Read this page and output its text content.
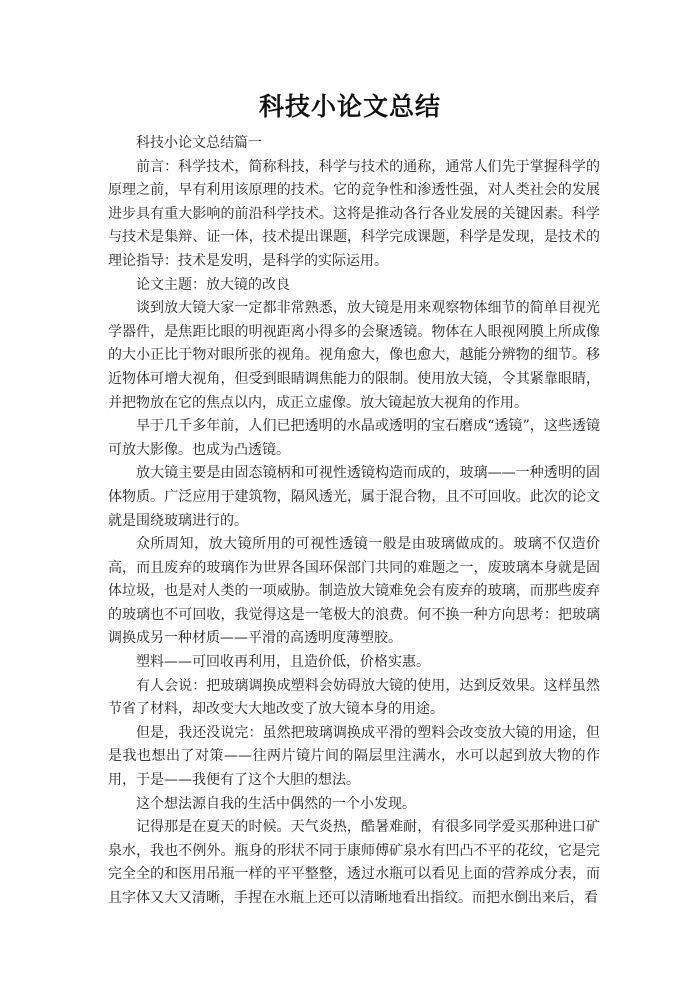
科技小论文总结

科技小论文总结篇一

前言：科学技术，简称科技，科学与技术的通称，通常人们先于掌握科学的原理之前，早有利用该原理的技术。它的竞争性和渗透性强，对人类社会的发展进步具有重大影响的前沿科学技术。这将是推动各行各业发展的关键因素。科学与技术是集辩、证一体，技术提出课题，科学完成课题，科学是发现，是技术的理论指导：技术是发明，是科学的实际运用。

论文主题：放大镜的改良

谈到放大镜大家一定都非常熟悉，放大镜是用来观察物体细节的简单目视光学器件，是焦距比眼的明视距离小得多的会聚透镜。物体在人眼视网膜上所成像的大小正比于物对眼所张的视角。视角愈大，像也愈大，越能分辨物的细节。移近物体可增大视角，但受到眼睛调焦能力的限制。使用放大镜，令其紧靠眼睛，并把物放在它的焦点以内，成正立虚像。放大镜起放大视角的作用。

早于几千多年前，人们已把透明的水晶或透明的宝石磨成“透镜”，这些透镜可放大影像。也成为凸透镜。

放大镜主要是由固态镜柄和可视性透镜构造而成的，玻璃——一种透明的固体物质。广泛应用于建筑物，隔风透光，属于混合物，且不可回收。此次的论文就是围绕玻璃进行的。

众所周知，放大镜所用的可视性透镜一般是由玻璃做成的。玻璃不仅造价高，而且废弃的玻璃作为世界各国环保部门共同的难题之一，废玻璃本身就是固体垃圾，也是对人类的一项威胁。制造放大镜难免会有废弃的玻璃，而那些废弃的玻璃也不可回收，我觉得这是一笔极大的浪费。何不换一种方向思考：把玻璃调换成另一种材质——平滑的高透明度薄塑胶。

塑料——可回收再利用，且造价低，价格实惠。

有人会说：把玻璃调换成塑料会妨碍放大镜的使用，达到反效果。这样虽然节省了材料，却改变大大地改变了放大镜本身的用途。

但是，我还没说完：虽然把玻璃调换成平滑的塑料会改变放大镜的用途，但是我也想出了对策——往两片镜片间的隔层里注满水，水可以起到放大物的作用，于是——我便有了这个大胆的想法。

这个想法源自我的生活中偶然的一个小发现。

记得那是在夏天的时候。天气炎热，酷暑难耐，有很多同学爱买那种进口矿泉水，我也不例外。瓶身的形状不同于康师傅矿泉水有凹凸不平的花纹，它是完完全全的和医用吊瓶一样的平平整整，透过水瓶可以看见上面的营养成分表，而且字体又大又清晰，手捏在水瓶上还可以清晰地看出指纹。而把水倒出来后，看
